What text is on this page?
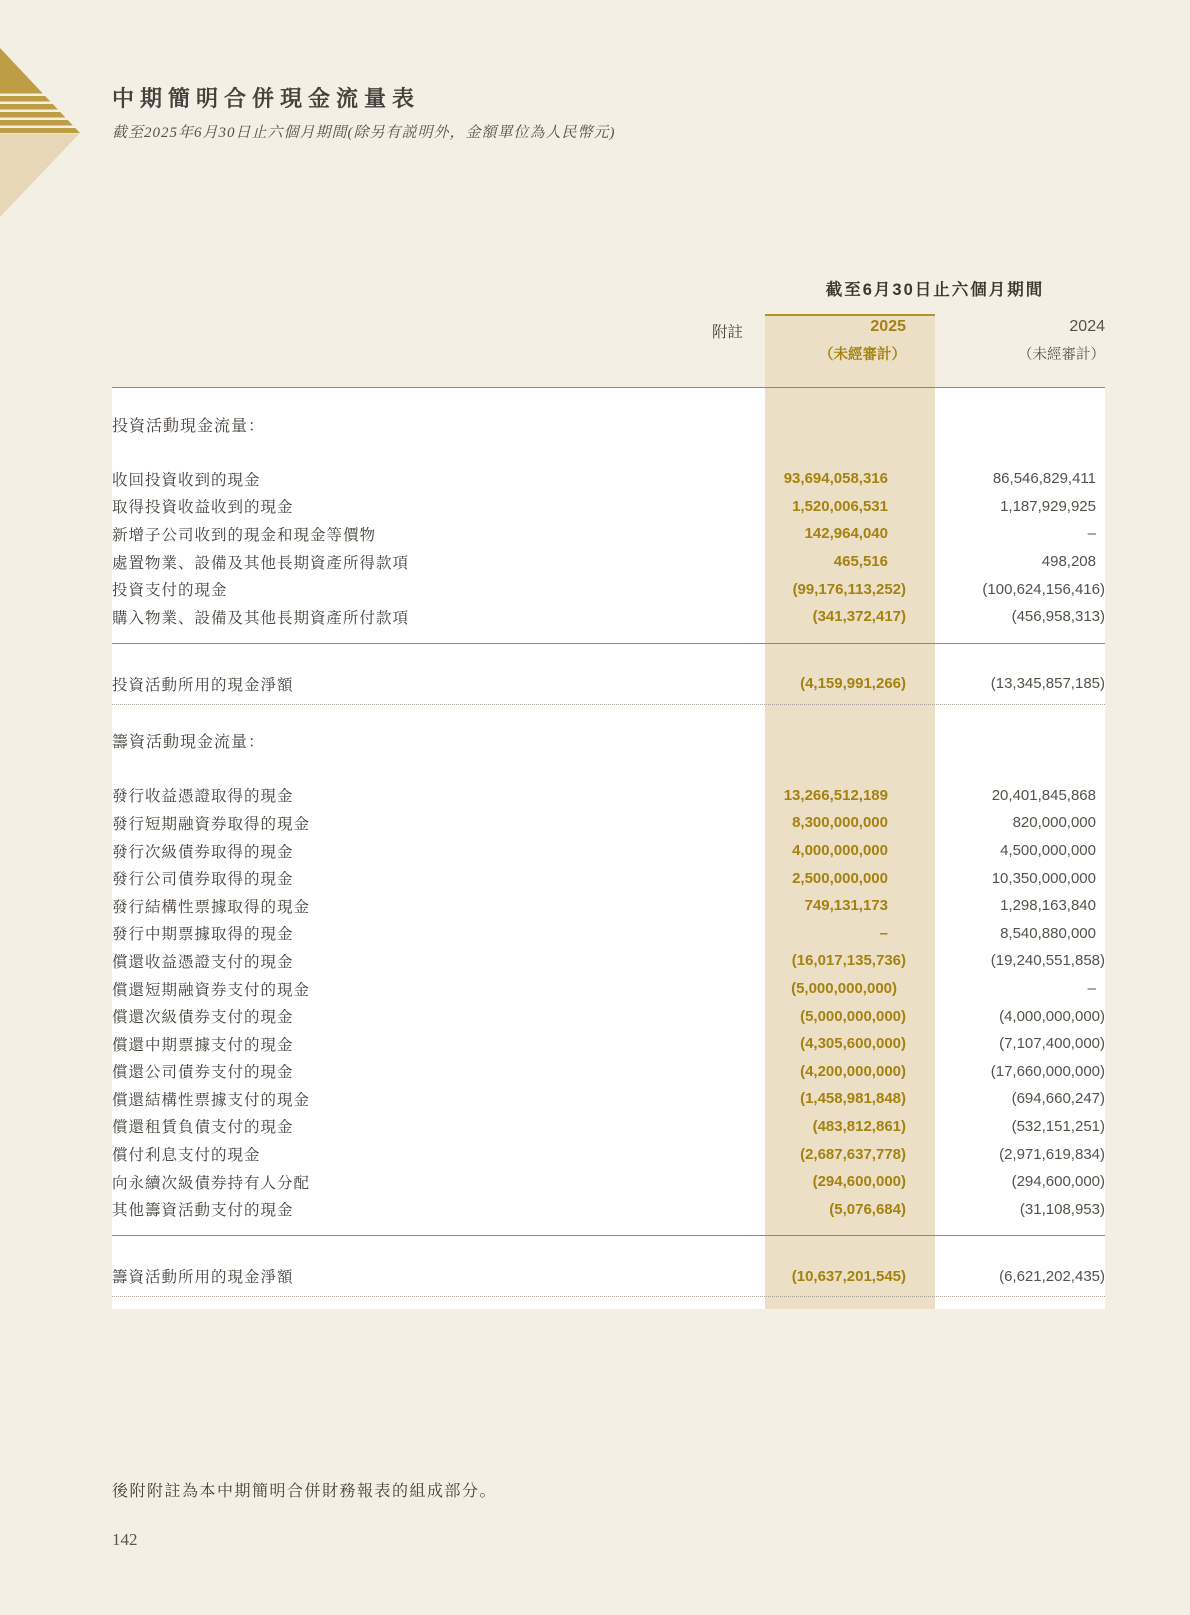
中期簡明合併現金流量表
截至2025年6月30日止六個月期間(除另有説明外，金額單位為人民幣元)
截至6月30日止六個月期間
附註	2025
（未經審計）
2024
（未經審計）
投資活動現金流量：
收回投資收到的現金	93,694,058,316	86,546,829,411
取得投資收益收到的現金	1,520,006,531	1,187,929,925
新增子公司收到的現金和現金等價物	142,964,040	–
處置物業、設備及其他長期資產所得款項	465,516	498,208
投資支付的現金	(99,176,113,252)	(100,624,156,416)
購入物業、設備及其他長期資產所付款項	(341,372,417)	(456,958,313)
投資活動所用的現金淨額	(4,159,991,266)	(13,345,857,185)
籌資活動現金流量：
發行收益憑證取得的現金	13,266,512,189	20,401,845,868
發行短期融資券取得的現金	8,300,000,000	820,000,000
發行次級債券取得的現金	4,000,000,000	4,500,000,000
發行公司債券取得的現金	2,500,000,000	10,350,000,000
發行結構性票據取得的現金	749,131,173	1,298,163,840
發行中期票據取得的現金	–	8,540,880,000
償還收益憑證支付的現金	(16,017,135,736)	(19,240,551,858)
償還短期融資券支付的現金	(5,000,000,000)	–
償還次級債券支付的現金	(5,000,000,000)	(4,000,000,000)
償還中期票據支付的現金	(4,305,600,000)	(7,107,400,000)
償還公司債券支付的現金	(4,200,000,000)	(17,660,000,000)
償還結構性票據支付的現金	(1,458,981,848)	(694,660,247)
償還租賃負債支付的現金	(483,812,861)	(532,151,251)
償付利息支付的現金	(2,687,637,778)	(2,971,619,834)
向永續次級債券持有人分配	(294,600,000)	(294,600,000)
其他籌資活動支付的現金	(5,076,684)	(31,108,953)
籌資活動所用的現金淨額	(10,637,201,545)	(6,621,202,435)
後附附註為本中期簡明合併財務報表的組成部分。
142
